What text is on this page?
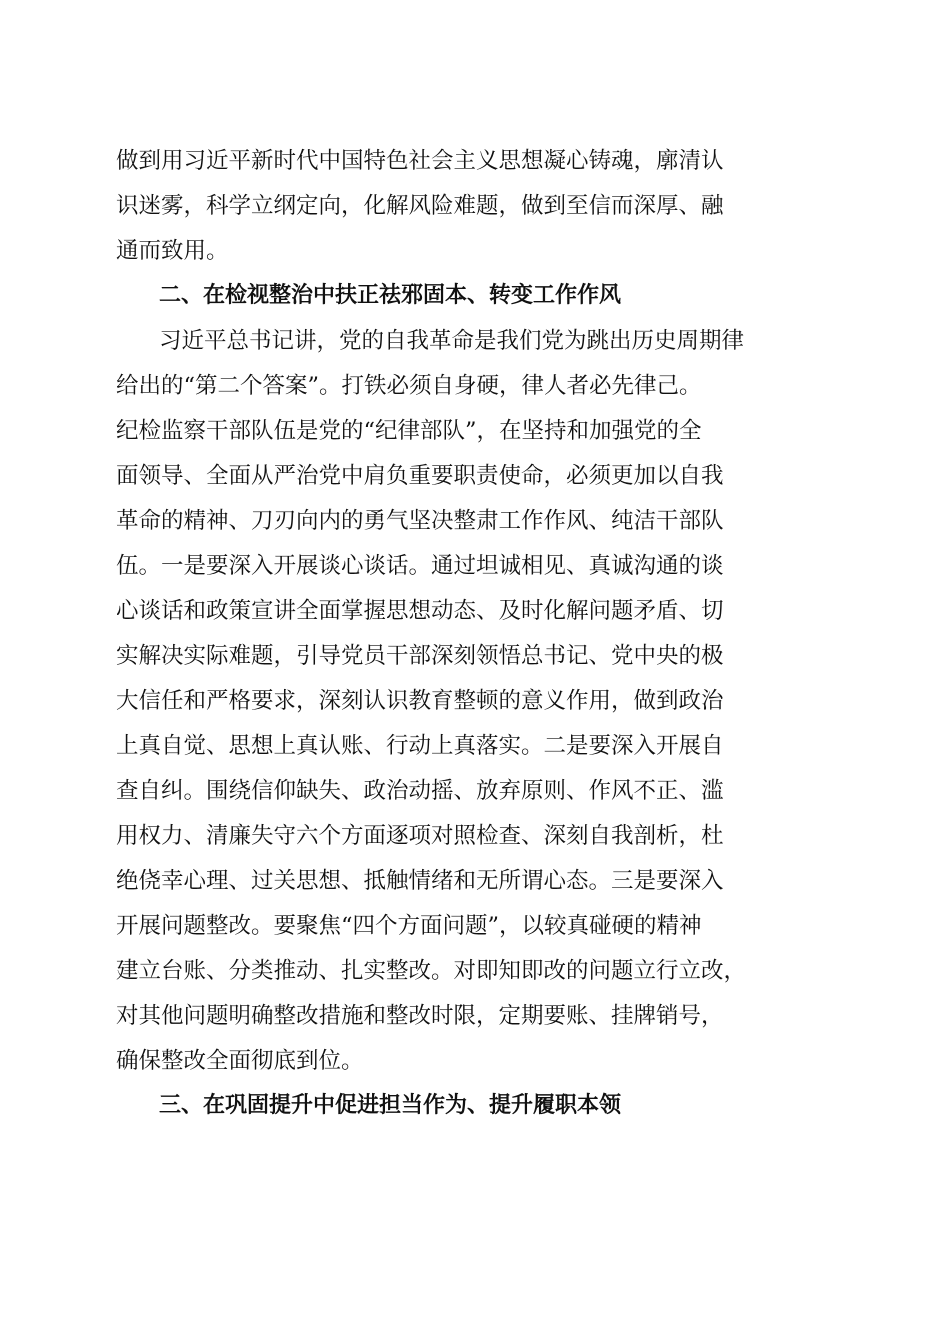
做到用习近平新时代中国特色社会主义思想凝心铸魂，廓清认
识迷雾，科学立纲定向，化解风险难题，做到至信而深厚、融
通而致用。
二、在检视整治中扶正祛邪固本、转变工作作风
习近平总书记讲，党的自我革命是我们党为跳出历史周期律
给出的“第二个答案”。打铁必须自身硬，律人者必先律己。
纪检监察干部队伍是党的“纪律部队”，在坚持和加强党的全
面领导、全面从严治党中肩负重要职责使命，必须更加以自我
革命的精神、刀刃向内的勇气坚决整肃工作作风、纯洁干部队
伍。一是要深入开展谈心谈话。通过坦诚相见、真诚沟通的谈
心谈话和政策宣讲全面掌握思想动态、及时化解问题矛盾、切
实解决实际难题，引导党员干部深刻领悟总书记、党中央的极
大信任和严格要求，深刻认识教育整顿的意义作用，做到政治
上真自觉、思想上真认账、行动上真落实。二是要深入开展自
查自纠。围绕信仰缺失、政治动摇、放弃原则、作风不正、滥
用权力、清廉失守六个方面逐项对照检查、深刻自我剖析，杜
绝侥幸心理、过关思想、抵触情绪和无所谓心态。三是要深入
开展问题整改。要聚焦“四个方面问题”，以较真碰硬的精神
建立台账、分类推动、扎实整改。对即知即改的问题立行立改，
对其他问题明确整改措施和整改时限，定期要账、挂牌销号，
确保整改全面彻底到位。
三、在巩固提升中促进担当作为、提升履职本领
